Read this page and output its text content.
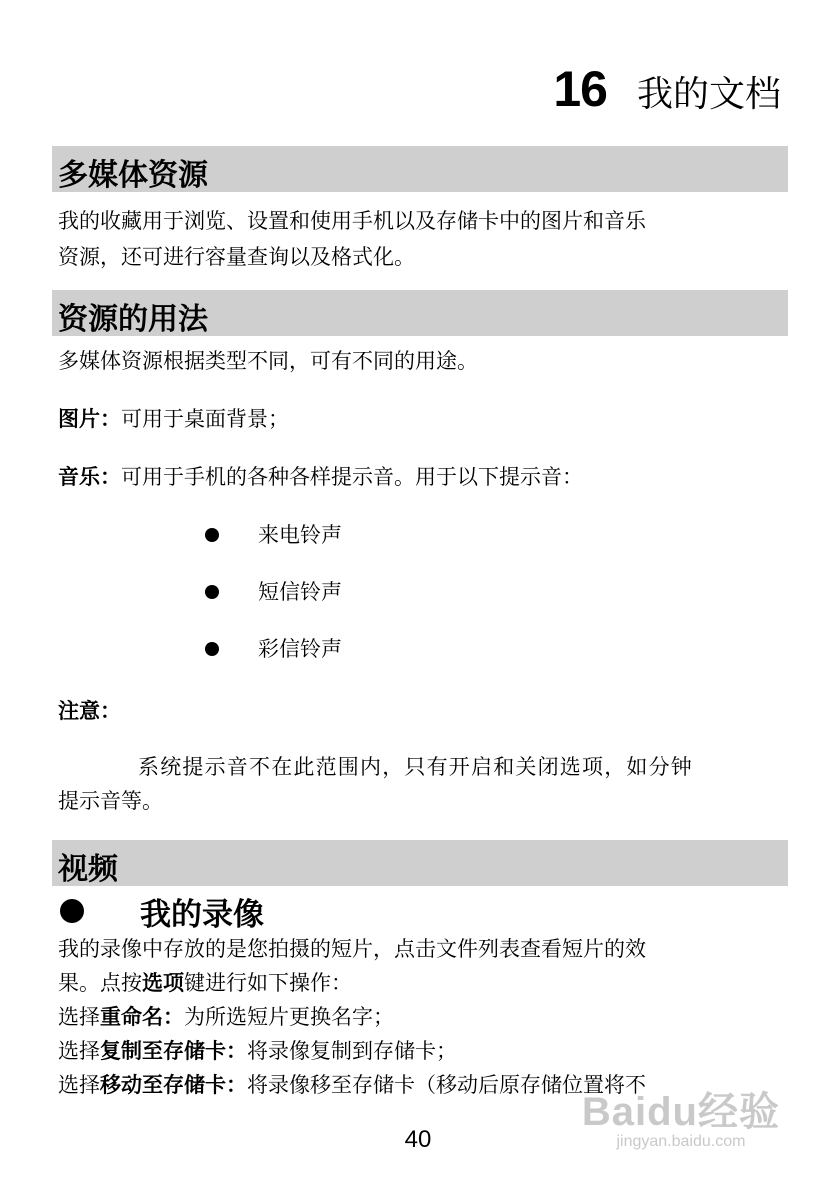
16 我的文档
多媒体资源
我的收藏用于浏览、设置和使用手机以及存储卡中的图片和音乐
资源，还可进行容量查询以及格式化。
资源的用法
多媒体资源根据类型不同，可有不同的用途。
图片：可用于桌面背景；
音乐：可用于手机的各种各样提示音。用于以下提示音：
来电铃声
短信铃声
彩信铃声
注意：
系统提示音不在此范围内，只有开启和关闭选项，如分钟
提示音等。
视频
我的录像
我的录像中存放的是您拍摄的短片，点击文件列表查看短片的效
果。点按选项键进行如下操作：
选择重命名：为所选短片更换名字；
选择复制至存储卡：将录像复制到存储卡；
选择移动至存储卡：将录像移至存储卡（移动后原存储位置将不
Baidu经验
jingyan.baidu.com
40
